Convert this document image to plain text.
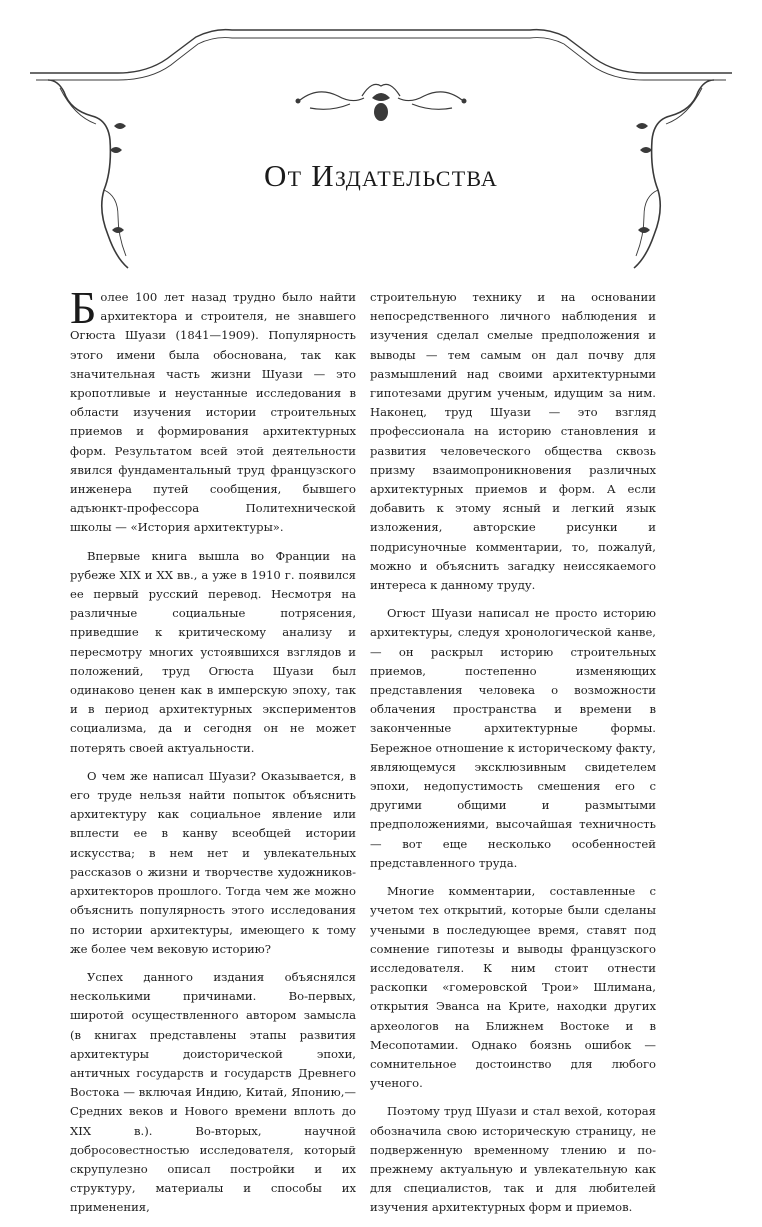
От Издательства

Более 100 лет назад трудно было найти архитектора и строителя, не знавшего Огюста Шуази (1841—1909). Популярность этого имени была обоснована, так как значительная часть жизни Шуази — это кропотливые и неустанные исследования в области изучения истории строительных приемов и формирования архитектурных форм. Результатом всей этой деятельности явился фундаментальный труд французского инженера путей сообщения, бывшего адъюнкт-профессора Политехнической школы — «История архитектуры».

Впервые книга вышла во Франции на рубеже XIX и XX вв., а уже в 1910 г. появился ее первый русский перевод. Несмотря на различные социальные потрясения, приведшие к критическому анализу и пересмотру многих устоявшихся взглядов и положений, труд Огюста Шуази был одинаково ценен как в имперскую эпоху, так и в период архитектурных экспериментов социализма, да и сегодня он не может потерять своей актуальности.

О чем же написал Шуази? Оказывается, в его труде нельзя найти попыток объяснить архитектуру как социальное явление или вплести ее в канву всеобщей истории искусства; в нем нет и увлекательных рассказов о жизни и творчестве художников-архитекторов прошлого. Тогда чем же можно объяснить популярность этого исследования по истории архитектуры, имеющего к тому же более чем вековую историю?

Успех данного издания объяснялся несколькими причинами. Во-первых, широтой осуществленного автором замысла (в книгах представлены этапы развития архитектуры доисторической эпохи, античных государств и государств Древнего Востока — включая Индию, Китай, Японию,— Средних веков и Нового времени вплоть до XIX в.). Во-вторых, научной добросовестностью исследователя, который скрупулезно описал постройки и их структуру, материалы и способы их применения,

строительную технику и на основании непосредственного личного наблюдения и изучения сделал смелые предположения и выводы — тем самым он дал почву для размышлений над своими архитектурными гипотезами другим ученым, идущим за ним. Наконец, труд Шуази — это взгляд профессионала на историю становления и развития человеческого общества сквозь призму взаимопроникновения различных архитектурных приемов и форм. А если добавить к этому ясный и легкий язык изложения, авторские рисунки и подрисуночные комментарии, то, пожалуй, можно и объяснить загадку неиссякаемого интереса к данному труду.

Огюст Шуази написал не просто историю архитектуры, следуя хронологической канве,— он раскрыл историю строительных приемов, постепенно изменяющих представления человека о возможности облачения пространства и времени в законченные архитектурные формы. Бережное отношение к историческому факту, являющемуся эксклюзивным свидетелем эпохи, недопустимость смешения его с другими общими и размытыми предположениями, высочайшая техничность — вот еще несколько особенностей представленного труда.

Многие комментарии, составленные с учетом тех открытий, которые были сделаны учеными в последующее время, ставят под сомнение гипотезы и выводы французского исследователя. К ним стоит отнести раскопки «гомеровской Трои» Шлимана, открытия Эванса на Крите, находки других археологов на Ближнем Востоке и в Месопотамии. Однако боязнь ошибок — сомнительное достоинство для любого ученого.

Поэтому труд Шуази и стал вехой, которая обозначила свою историческую страницу, не подверженную временному тлению и по-прежнему актуальную и увлекательную как для специалистов, так и для любителей изучения архитектурных форм и приемов.
